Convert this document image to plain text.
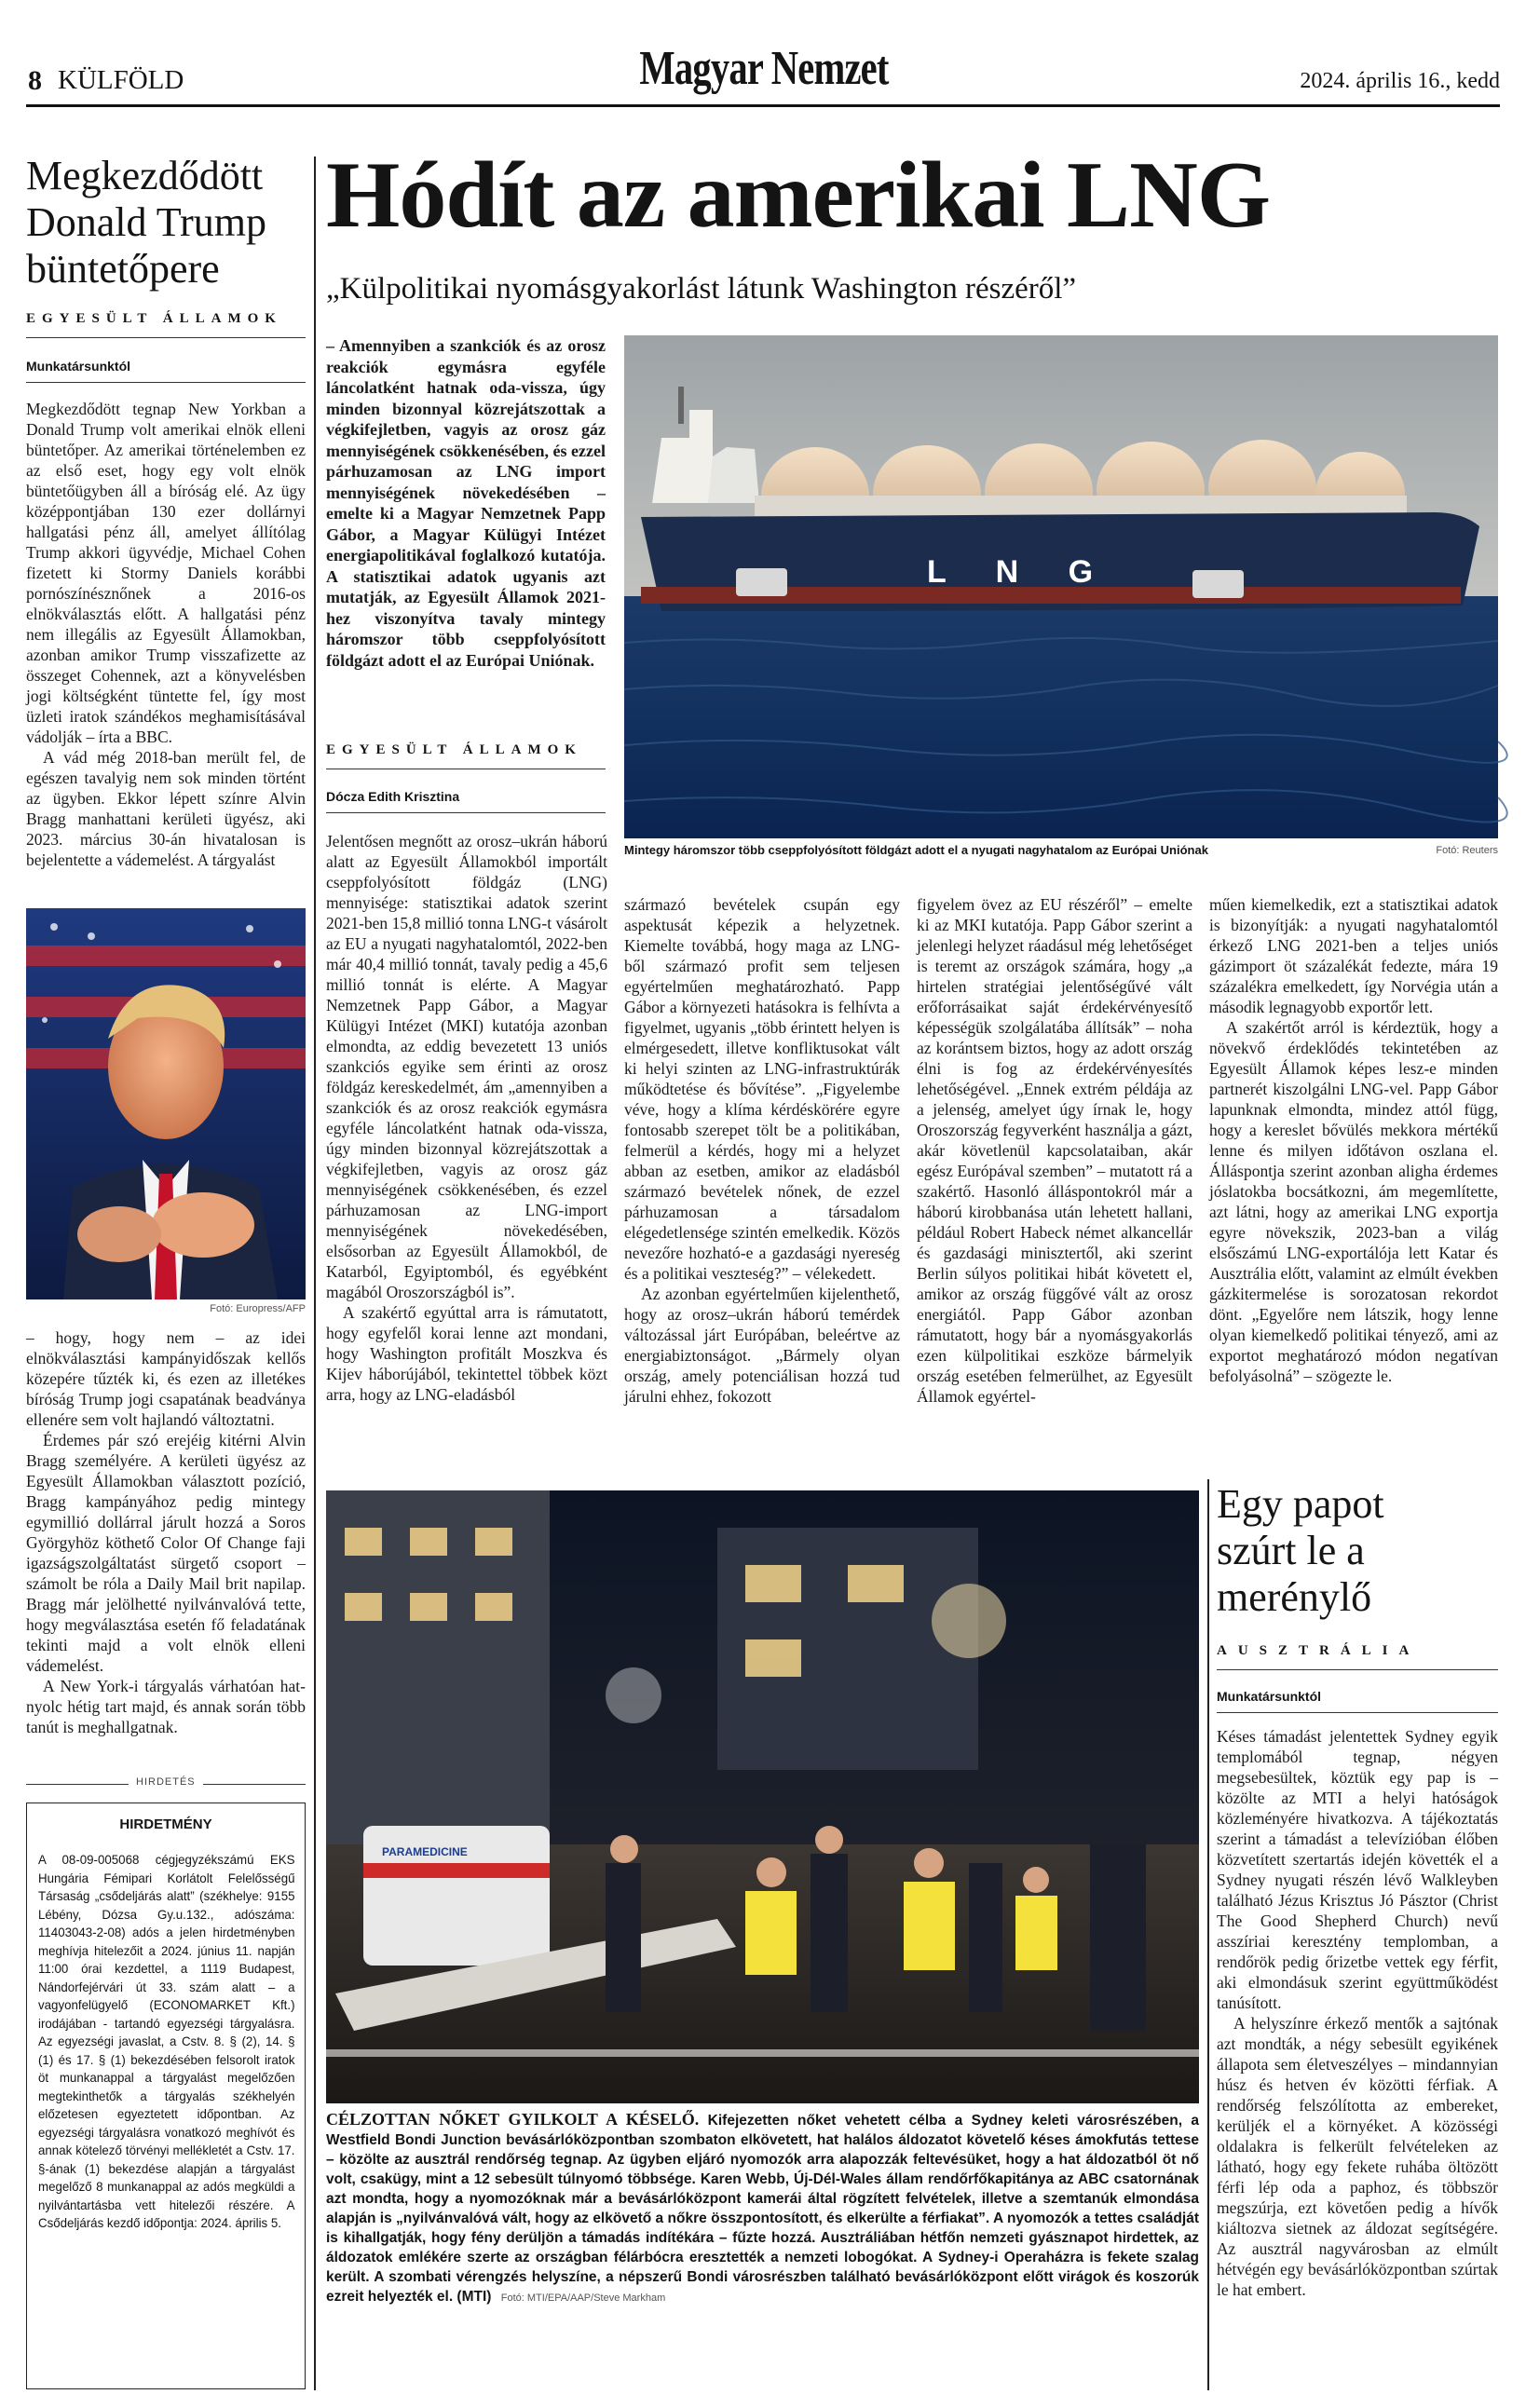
8 KÜLFÖLD	Magyar Nemzet	2024. április 16., kedd
Megkezdődött Donald Trump büntetőpere
EGYESÜLT ÁLLAMOK
Munkatársunktól

Megkezdődött tegnap New Yorkban a Donald Trump volt amerikai elnök elleni büntetőper. Az amerikai történelemben ez az első eset, hogy egy volt elnök büntetőügyben áll a bíróság elé. Az ügy középpontjában 130 ezer dollárnyi hallgatási pénz áll, amelyet állítólag Trump akkori ügyvédje, Michael Cohen fizetett ki Stormy Daniels korábbi pornószínésznőnek a 2016-os elnökválasztás előtt. A hallgatási pénz nem illegális az Egyesült Államokban, azonban amikor Trump visszafizette az összeget Cohennek, azt a könyvelésben jogi költségként tüntette fel, így most üzleti iratok szándékos meghamisításával vádolják – írta a BBC.

A vád még 2018-ban merült fel, de egészen tavalyig nem sok minden történt az ügyben. Ekkor lépett színre Alvin Bragg manhattani kerületi ügyész, aki 2023. március 30-án hivatalosan is bejelentette a vádemelést. A tárgyalást

Fotó: Europress/AFP

– hogy, hogy nem – az idei elnökválasztási kampányidőszak kellős közepére tűzték ki, és ezen az illetékes bíróság Trump jogi csapatának beadványa ellenére sem volt hajlandó változtatni.

Érdemes pár szó erejéig kitérni Alvin Bragg személyére. A kerületi ügyész az Egyesült Államokban választott pozíció, Bragg kampányához pedig mintegy egymillió dollárral járult hozzá a Soros Györgyhöz köthető Color Of Change faji igazságszolgáltatást sürgető csoport – számolt be róla a Daily Mail brit napilap. Bragg már jelölhetté nyilvánvalóvá tette, hogy megválasztása esetén fő feladatának tekinti majd a volt elnök elleni vádemelést.

A New York-i tárgyalás várhatóan hat-nyolc hétig tart majd, és annak során több tanút is meghallgatnak.

HIRDETÉS
HIRDETMÉNY
A 08-09-005068 cégjegyzékszámú EKS Hungária Fémipari Korlátolt Felelősségű Társaság „csődeljárás alatt” (székhelye: 9155 Lébény, Dózsa Gy.u.132., adószáma: 11403043-2-08) adós a jelen hirdetményben meghívja hitelezőit a 2024. június 11. napján 11:00 órai kezdettel, a 1119 Budapest, Nándorfejérvári út 33. szám alatt – a vagyonfelügyelő (ECONOMARKET Kft.) irodájában - tartandó egyezségi tárgyalásra. Az egyezségi javaslat, a Cstv. 8. § (2), 14. § (1) és 17. § (1) bekezdésében felsorolt iratok öt munkanappal a tárgyalást megelőzően megtekinthetők a tárgyalás székhelyén előzetesen egyeztetett időpontban. Az egyezségi tárgyalásra vonatkozó meghívót és annak kötelező törvényi mellékletét a Cstv. 17. §-ának (1) bekezdése alapján a tárgyalást megelőző 8 munkanappal az adós megküldi a nyilvántartásba vett hitelezői részére. A Csődeljárás kezdő időpontja: 2024. április 5.
Hódít az amerikai LNG
„Külpolitikai nyomásgyakorlást látunk Washington részéről”
– Amennyiben a szankciók és az orosz reakciók egymásra egyféle láncolatként hatnak oda-vissza, úgy minden bizonnyal közrejátszottak a végkifejletben, vagyis az orosz gáz mennyiségének csökkenésében, és ezzel párhuzamosan az LNG import mennyiségének növekedésében – emelte ki a Magyar Nemzetnek Papp Gábor, a Magyar Külügyi Intézet energiapolitikával foglalkozó kutatója. A statisztikai adatok ugyanis azt mutatják, az Egyesült Államok 2021-hez viszonyítva tavaly mintegy háromszor több cseppfolyósított földgázt adott el az Európai Uniónak.
EGYESÜLT ÁLLAMOK
Dócza Edith Krisztina
L N G
Mintegy háromszor több cseppfolyósított földgázt adott el a nyugati nagyhatalom az Európai Uniónak	Fotó: Reuters

Jelentősen megnőtt az orosz–ukrán háború alatt az Egyesült Államokból importált cseppfolyósított földgáz (LNG) mennyisége: statisztikai adatok szerint 2021-ben 15,8 millió tonna LNG-t vásárolt az EU a nyugati nagyhatalomtól, 2022-ben már 40,4 millió tonnát, tavaly pedig a 45,6 millió tonnát is elérte. A Magyar Nemzetnek Papp Gábor, a Magyar Külügyi Intézet (MKI) kutatója azonban elmondta, az eddig bevezetett 13 uniós szankciós egyike sem érinti az orosz földgáz kereskedelmét, ám „amennyiben a szankciók és az orosz reakciók egymásra egyféle láncolatként hatnak oda-vissza, úgy minden bizonnyal közrejátszottak a végkifejletben, vagyis az orosz gáz mennyiségének csökkenésében, és ezzel párhuzamosan az LNG-import mennyiségének növekedésében, elsősorban az Egyesült Államokból, de Katarból, Egyiptomból, és egyébként magából Oroszországból is”.

A szakértő egyúttal arra is rámutatott, hogy egyfelől korai lenne azt mondani, hogy Washington profitált Moszkva és Kijev háborújából, tekintettel többek közt arra, hogy az LNG-eladásból

származó bevételek csupán egy aspektusát képezik a helyzetnek. Kiemelte továbbá, hogy maga az LNG-ből származó profit sem teljesen egyértelműen meghatározható. Papp Gábor a környezeti hatásokra is felhívta a figyelmet, ugyanis „több érintett helyen is elmérgesedett, illetve konfliktusokat vált ki helyi szinten az LNG-infrastruktúrák működtetése és bővítése”. „Figyelembe véve, hogy a klíma kérdéskörére egyre fontosabb szerepet tölt be a politikában, felmerül a kérdés, hogy mi a helyzet abban az esetben, amikor az eladásból származó bevételek nőnek, de ezzel párhuzamosan a társadalom elégedetlensége szintén emelkedik. Közös nevezőre hozható-e a gazdasági nyereség és a politikai veszteség?” – vélekedett.

Az azonban egyértelműen kijelenthető, hogy az orosz–ukrán háború temérdek változással járt Európában, beleértve az energiabiztonságot. „Bármely olyan ország, amely potenciálisan hozzá tud járulni ehhez, fokozott

figyelem övez az EU részéről” – emelte ki az MKI kutatója. Papp Gábor szerint a jelenlegi helyzet ráadásul még lehetőséget is teremt az országok számára, hogy „a hirtelen stratégiai jelentőségűvé vált erőforrásaikat saját érdekérvényesítő képességük szolgálatába állítsák” – noha az korántsem biztos, hogy az adott ország élni is fog az érdekérvényesítés lehetőségével. „Ennek extrém példája az a jelenség, amelyet úgy írnak le, hogy Oroszország fegyverként használja a gázt, akár követlenül kapcsolataiban, akár egész Európával szemben” – mutatott rá a szakértő. Hasonló álláspontokról már a háború kirobbanása után lehetett hallani, például Robert Habeck német alkancellár és gazdasági minisztertől, aki szerint Berlin súlyos politikai hibát követett el, amikor az ország függővé vált az orosz energiától. Papp Gábor azonban rámutatott, hogy bár a nyomásgyakorlás ezen külpolitikai eszköze bármelyik ország esetében felmerülhet, az Egyesült Államok egyértel-

műen kiemelkedik, ezt a statisztikai adatok is bizonyítják: a nyugati nagyhatalomtól érkező LNG 2021-ben a teljes uniós gázimport öt százalékát fedezte, mára 19 százalékra emelkedett, így Norvégia után a második legnagyobb exportőr lett.

A szakértőt arról is kérdeztük, hogy a növekvő érdeklődés tekintetében az Egyesült Államok képes lesz-e minden partnerét kiszolgálni LNG-vel. Papp Gábor lapunknak elmondta, mindez attól függ, hogy a kereslet bővülés mekkora mértékű lenne és milyen időtávon oszlana el. Álláspontja szerint azonban aligha érdemes jóslatokba bocsátkozni, ám megemlítette, azt látni, hogy az amerikai LNG exportja egyre növekszik, 2023-ban a világ elsőszámú LNG-exportálója lett Katar és Ausztrália előtt, valamint az elmúlt években gázkitermelése is sorozatosan rekordot dönt. „Egyelőre nem látszik, hogy lenne olyan kiemelkedő politikai tényező, ami az exportot meghatározó módon negatívan befolyásolná” – szögezte le.

PARAMEDICINE
CÉLZOTTAN NŐKET GYILKOLT A KÉSELŐ. Kifejezetten nőket vehetett célba a Sydney keleti városrészében, a Westfield Bondi Junction bevásárlóközpontban szombaton elkövetett, hat halálos áldozatot követelő késes ámokfutás tettese – közölte az ausztrál rendőrség tegnap. Az ügyben eljáró nyomozók arra alapozzák feltevésüket, hogy a hat áldozatból öt nő volt, csakügy, mint a 12 sebesült túlnyomó többsége. Karen Webb, Új-Dél-Wales állam rendőrfőkapitánya az ABC csatornának azt mondta, hogy a nyomozóknak már a bevásárlóközpont kamerái által rögzített felvételek, illetve a szemtanúk elmondása alapján is „nyilvánvalóvá vált, hogy az elkövető a nőkre összpontosított, és elkerülte a férfiakat”. A nyomozók a tettes családját is kihallgatják, hogy fény derüljön a támadás indítékára – fűzte hozzá. Ausztráliában hétfőn nemzeti gyásznapot hirdettek, az áldozatok emlékére szerte az országban félárbócra eresztették a nemzeti lobogókat. A Sydney-i Operaházra is fekete szalag került. A szombati vérengzés helyszíne, a népszerű Bondi városrészben található bevásárlóközpont előtt virágok és koszorúk ezreit helyezték el. (MTI) Fotó: MTI/EPA/AAP/Steve Markham
Egy papot szúrt le a merénylő
AUSZTRÁLIA
Munkatársunktól

Késes támadást jelentettek Sydney egyik templomából tegnap, négyen megsebesültek, köztük egy pap is – közölte az MTI a helyi hatóságok közleményére hivatkozva. A tájékoztatás szerint a támadást a televízióban élőben közvetített szertartás idején követték el a Sydney nyugati részén lévő Walkleyben található Jézus Krisztus Jó Pásztor (Christ The Good Shepherd Church) nevű asszíriai keresztény templomban, a rendőrök pedig őrizetbe vettek egy férfit, aki elmondásuk szerint együttműködést tanúsított.

A helyszínre érkező mentők a sajtónak azt mondták, a négy sebesült egyikének állapota sem életveszélyes – mindannyian húsz és hetven év közötti férfiak. A rendőrség felszólította az embereket, kerüljék el a környéket. A közösségi oldalakra is felkerült felvételeken az látható, hogy egy fekete ruhába öltözött férfi lép oda a paphoz, és többször megszúrja, ezt követően pedig a hívők kiáltozva sietnek az áldozat segítségére. Az ausztrál nagyvárosban az elmúlt hétvégén egy bevásárlóközpontban szúrtak le hat embert.
